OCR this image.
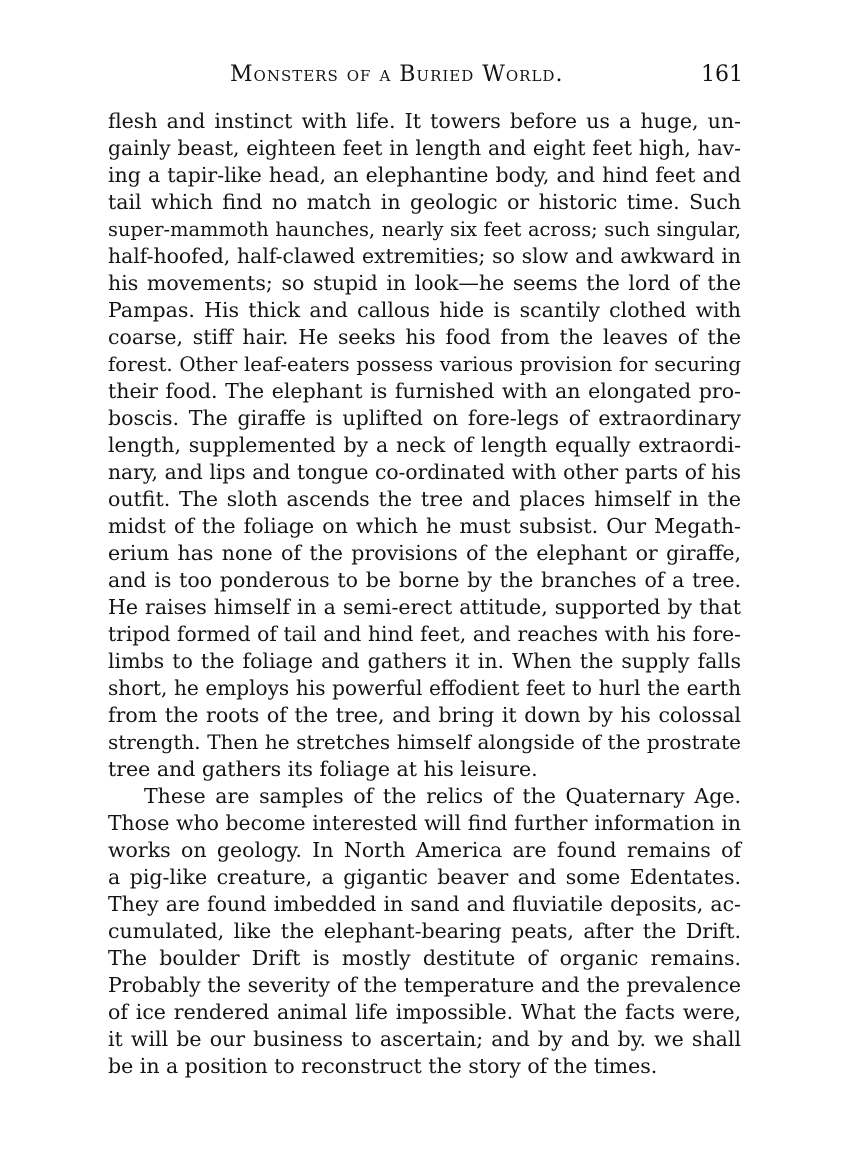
Monsters of a Buried World.	161
flesh and instinct with life. It towers before us a huge, un-
gainly beast, eighteen feet in length and eight feet high, hav-
ing a tapir-like head, an elephantine body, and hind feet and
tail which find no match in geologic or historic time. Such
super-mammoth haunches, nearly six feet across; such singular,
half-hoofed, half-clawed extremities; so slow and awkward in
his movements; so stupid in look—he seems the lord of the
Pampas. His thick and callous hide is scantily clothed with
coarse, stiff hair. He seeks his food from the leaves of the
forest. Other leaf-eaters possess various provision for securing
their food. The elephant is furnished with an elongated pro-
boscis. The giraffe is uplifted on fore-legs of extraordinary
length, supplemented by a neck of length equally extraordi-
nary, and lips and tongue co-ordinated with other parts of his
outfit. The sloth ascends the tree and places himself in the
midst of the foliage on which he must subsist. Our Megath-
erium has none of the provisions of the elephant or giraffe,
and is too ponderous to be borne by the branches of a tree.
He raises himself in a semi-erect attitude, supported by that
tripod formed of tail and hind feet, and reaches with his fore-
limbs to the foliage and gathers it in. When the supply falls
short, he employs his powerful effodient feet to hurl the earth
from the roots of the tree, and bring it down by his colossal
strength. Then he stretches himself alongside of the prostrate
tree and gathers its foliage at his leisure.
These are samples of the relics of the Quaternary Age.
Those who become interested will find further information in
works on geology. In North America are found remains of
a pig-like creature, a gigantic beaver and some Edentates.
They are found imbedded in sand and fluviatile deposits, ac-
cumulated, like the elephant-bearing peats, after the Drift.
The boulder Drift is mostly destitute of organic remains.
Probably the severity of the temperature and the prevalence
of ice rendered animal life impossible. What the facts were,
it will be our business to ascertain; and by and by. we shall
be in a position to reconstruct the story of the times.
